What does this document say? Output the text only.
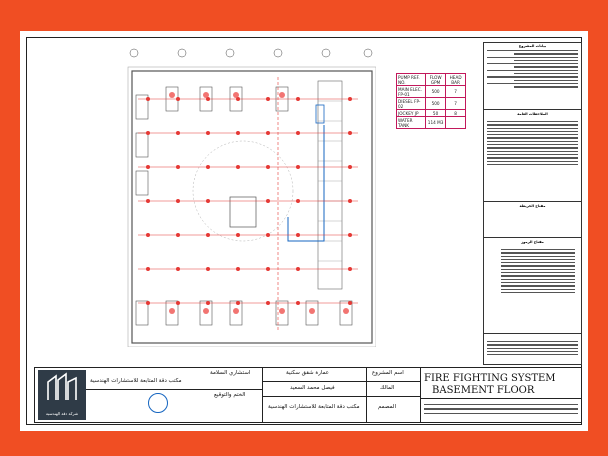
PUMP REF. NO.	FLOW GPM	HEAD BAR
MAIN ELEC. FP-01	500	7
DIESEL FP-02	500	7
JOCKEY JP	50	8
WATER TANK	114 M3	
بيانات المشروع
الملاحظات العامة
مفتاح الخريطة
مفتاح الرموز
شركة دقة الهندسية
استشاري السلامة
مكتب دقة المتابعة للاستشارات الهندسية
الختم والتوقيع
اسم المشروع
عمارة شقق سكنية
المالك
فيصل محمد السعيد
المصمم
مكتب دقة المتابعة للاستشارات الهندسية
FIRE FIGHTING SYSTEM
BASEMENT FLOOR
